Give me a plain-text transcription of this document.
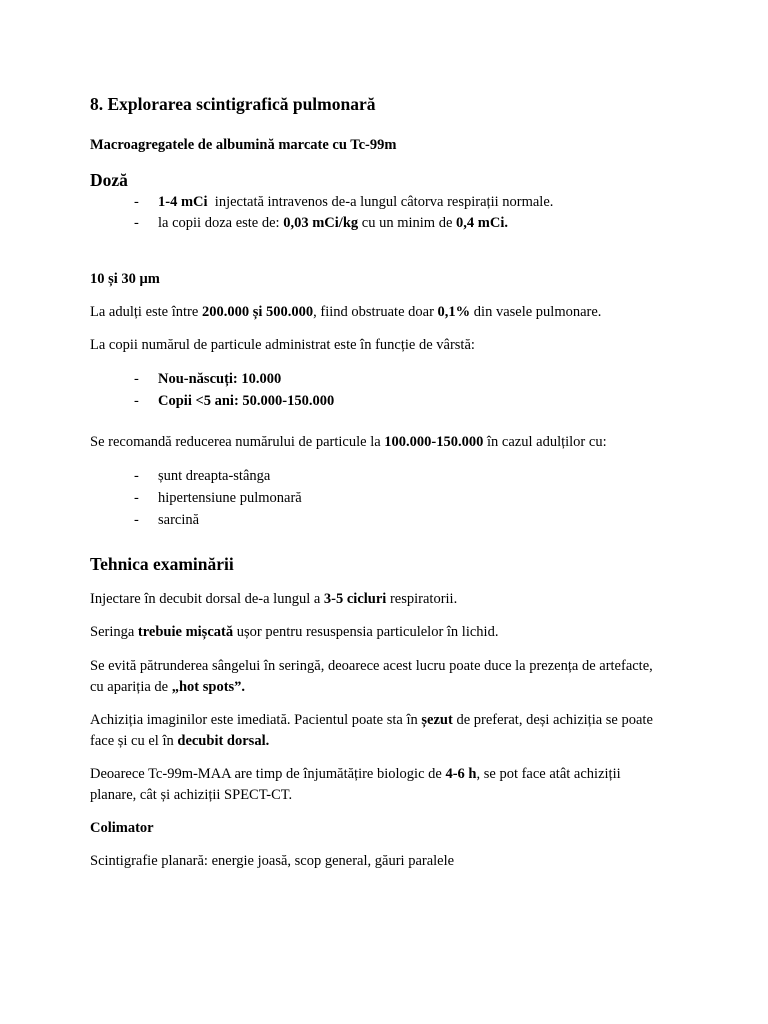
8. Explorarea scintigrafică pulmonară
Macroagregatele de albumină marcate cu Tc-99m
Doză
- 1-4 mCi  injectată intravenos de-a lungul câtorva respirații normale.
- la copii doza este de: 0,03 mCi/kg cu un minim de 0,4 mCi.
10 și 30 μm
La adulți este între 200.000 și 500.000, fiind obstruate doar 0,1% din vasele pulmonare.
La copii numărul de particule administrat este în funcție de vârstă:
- Nou-născuți: 10.000
- Copii <5 ani: 50.000-150.000
Se recomandă reducerea numărului de particule la 100.000-150.000 în cazul adulților cu:
- șunt dreapta-stânga
- hipertensiune pulmonară
- sarcină
Tehnica examinării
Injectare în decubit dorsal de-a lungul a 3-5 cicluri respiratorii.
Seringa trebuie mișcată ușor pentru resuspensia particulelor în lichid.
Se evită pătrunderea sângelui în seringă, deoarece acest lucru poate duce la prezența de artefacte,
cu apariția de „hot spots”.
Achiziția imaginilor este imediată. Pacientul poate sta în șezut de preferat, deși achiziția se poate
face și cu el în decubit dorsal.
Deoarece Tc-99m-MAA are timp de înjumătățire biologic de 4-6 h, se pot face atât achiziții
planare, cât și achiziții SPECT-CT.
Colimator
Scintigrafie planară: energie joasă, scop general, găuri paralele
